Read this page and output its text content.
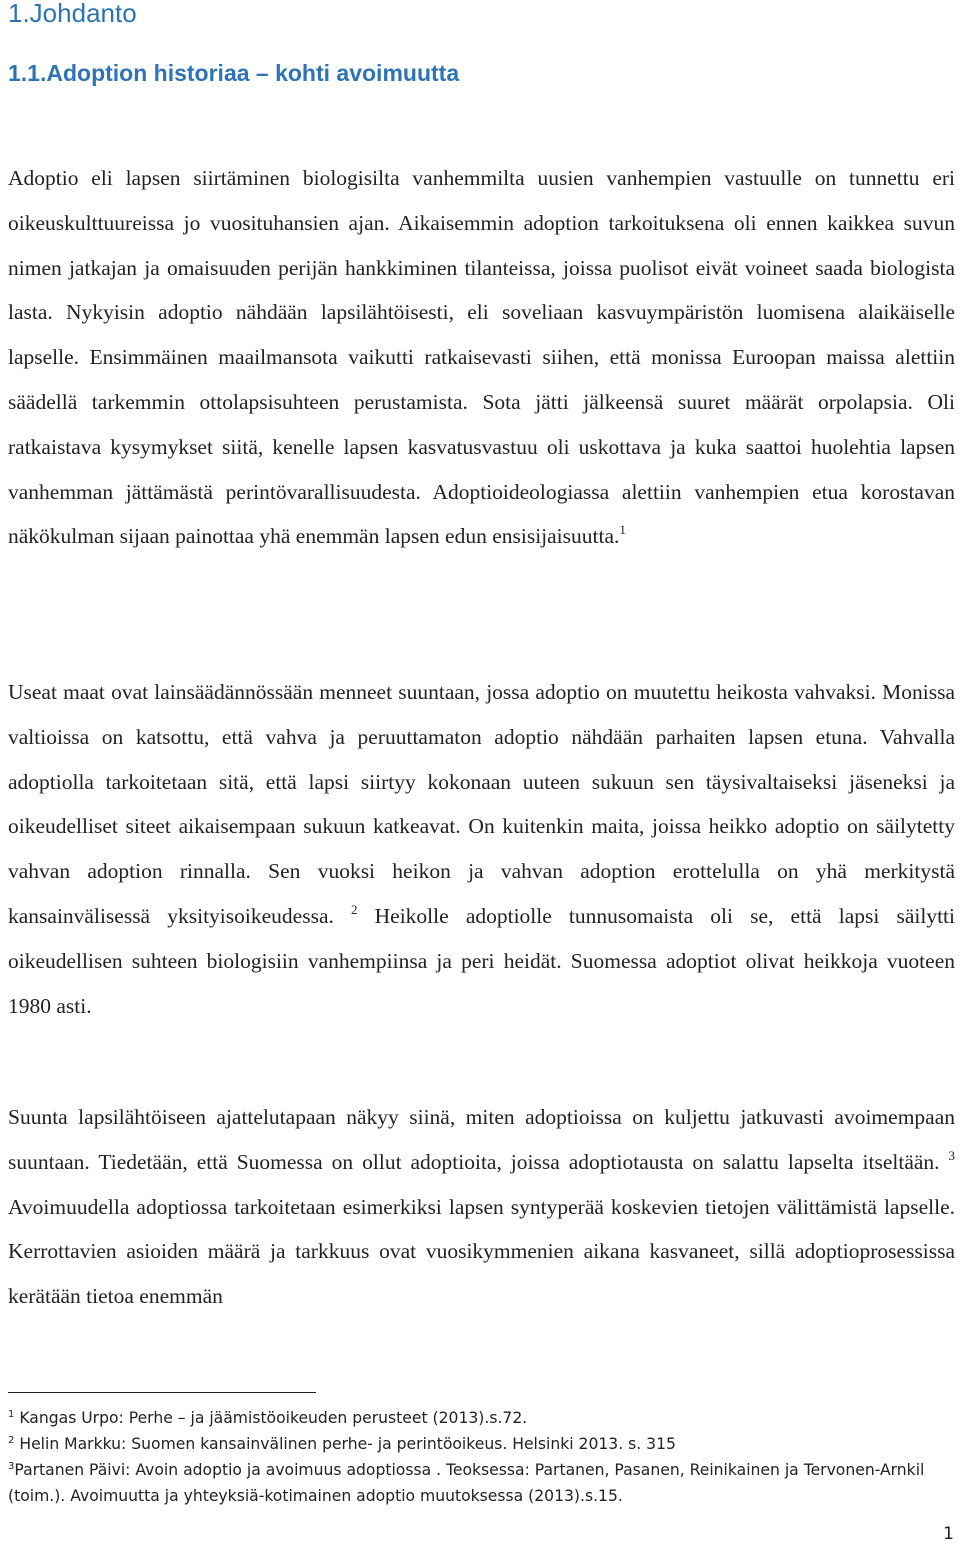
1.Johdanto
1.1.Adoption historiaa – kohti avoimuutta

Adoptio eli lapsen siirtäminen biologisilta vanhemmilta uusien vanhempien vastuulle on tunnettu eri oikeuskulttuureissa jo vuosituhansien ajan. Aikaisemmin adoption tarkoituksena oli ennen kaikkea suvun nimen jatkajan ja omaisuuden perijän hankkiminen tilanteissa, joissa puolisot eivät voineet saada biologista lasta. Nykyisin adoptio nähdään lapsilähtöisesti, eli soveliaan kasvuympäristön luomisena alaikäiselle lapselle. Ensimmäinen maailmansota vaikutti ratkaisevasti siihen, että monissa Euroopan maissa alettiin säädellä tarkemmin ottolapsisuhteen perustamista. Sota jätti jälkeensä suuret määrät orpolapsia. Oli ratkaistava kysymykset siitä, kenelle lapsen kasvatusvastuu oli uskottava ja kuka saattoi huolehtia lapsen vanhemman jättämästä perintövarallisuudesta. Adoptioideologiassa alettiin vanhempien etua korostavan näkökulman sijaan painottaa yhä enemmän lapsen edun ensisijaisuutta.$^1$

Useat maat ovat lainsäädännössään menneet suuntaan, jossa adoptio on muutettu heikosta vahvaksi. Monissa valtioissa on katsottu, että vahva ja peruuttamaton adoptio nähdään parhaiten lapsen etuna. Vahvalla adoptiolla tarkoitetaan sitä, että lapsi siirtyy kokonaan uuteen sukuun sen täysivaltaiseksi jäseneksi ja oikeudelliset siteet aikaisempaan sukuun katkeavat. On kuitenkin maita, joissa heikko adoptio on säilytetty vahvan adoption rinnalla. Sen vuoksi heikon ja vahvan adoption erottelulla on yhä merkitystä kansainvälisessä yksityisoikeudessa. $^2$ Heikolle adoptiolle tunnusomaista oli se, että lapsi säilytti oikeudellisen suhteen biologisiin vanhempiinsa ja peri heidät. Suomessa adoptiot olivat heikkoja vuoteen 1980 asti.

Suunta lapsilähtöiseen ajattelutapaan näkyy siinä, miten adoptioissa on kuljettu jatkuvasti avoimempaan suuntaan. Tiedetään, että Suomessa on ollut adoptioita, joissa adoptiotausta on salattu lapselta itseltään. $^3$ Avoimuudella adoptiossa tarkoitetaan esimerkiksi lapsen syntyperää koskevien tietojen välittämistä lapselle. Kerrottavien asioiden määrä ja tarkkuus ovat vuosikymmenien aikana kasvaneet, sillä adoptioprosessissa kerätään tietoa enemmän

$^1$ Kangas Urpo: Perhe – ja jäämistöoikeuden perusteet (2013).s.72.

$^2$ Helin Markku: Suomen kansainvälinen perhe- ja perintöoikeus. Helsinki 2013. s. 315

$^3$Partanen Päivi: Avoin adoptio ja avoimuus adoptiossa . Teoksessa: Partanen, Pasanen, Reinikainen ja Tervonen-Arnkil (toim.). Avoimuutta ja yhteyksiä-kotimainen adoptio muutoksessa (2013).s.15.

1
